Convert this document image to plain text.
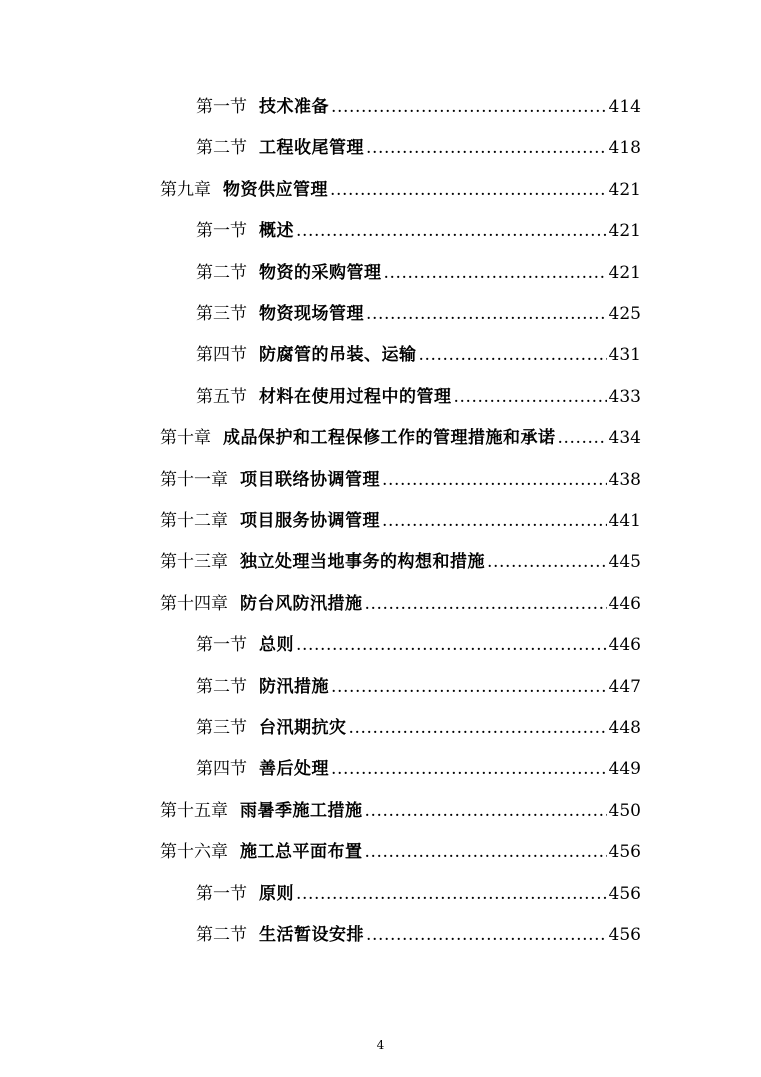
第一节 技术准备 .....	414
第二节 工程收尾管理 .....	418
第九章 物资供应管理 .....	421
第一节 概述 .....	421
第二节 物资的采购管理 .....	421
第三节 物资现场管理 .....	425
第四节 防腐管的吊装、运输 .....	431
第五节 材料在使用过程中的管理 .....	433
第十章 成品保护和工程保修工作的管理措施和承诺 .....	434
第十一章 项目联络协调管理 .....	438
第十二章 项目服务协调管理 .....	441
第十三章 独立处理当地事务的构想和措施 .....	445
第十四章 防台风防汛措施 .....	446
第一节 总则 .....	446
第二节 防汛措施 .....	447
第三节 台汛期抗灾 .....	448
第四节 善后处理 .....	449
第十五章 雨暑季施工措施 .....	450
第十六章 施工总平面布置 .....	456
第一节 原则 .....	456
第二节 生活暂设安排 .....	456
4
